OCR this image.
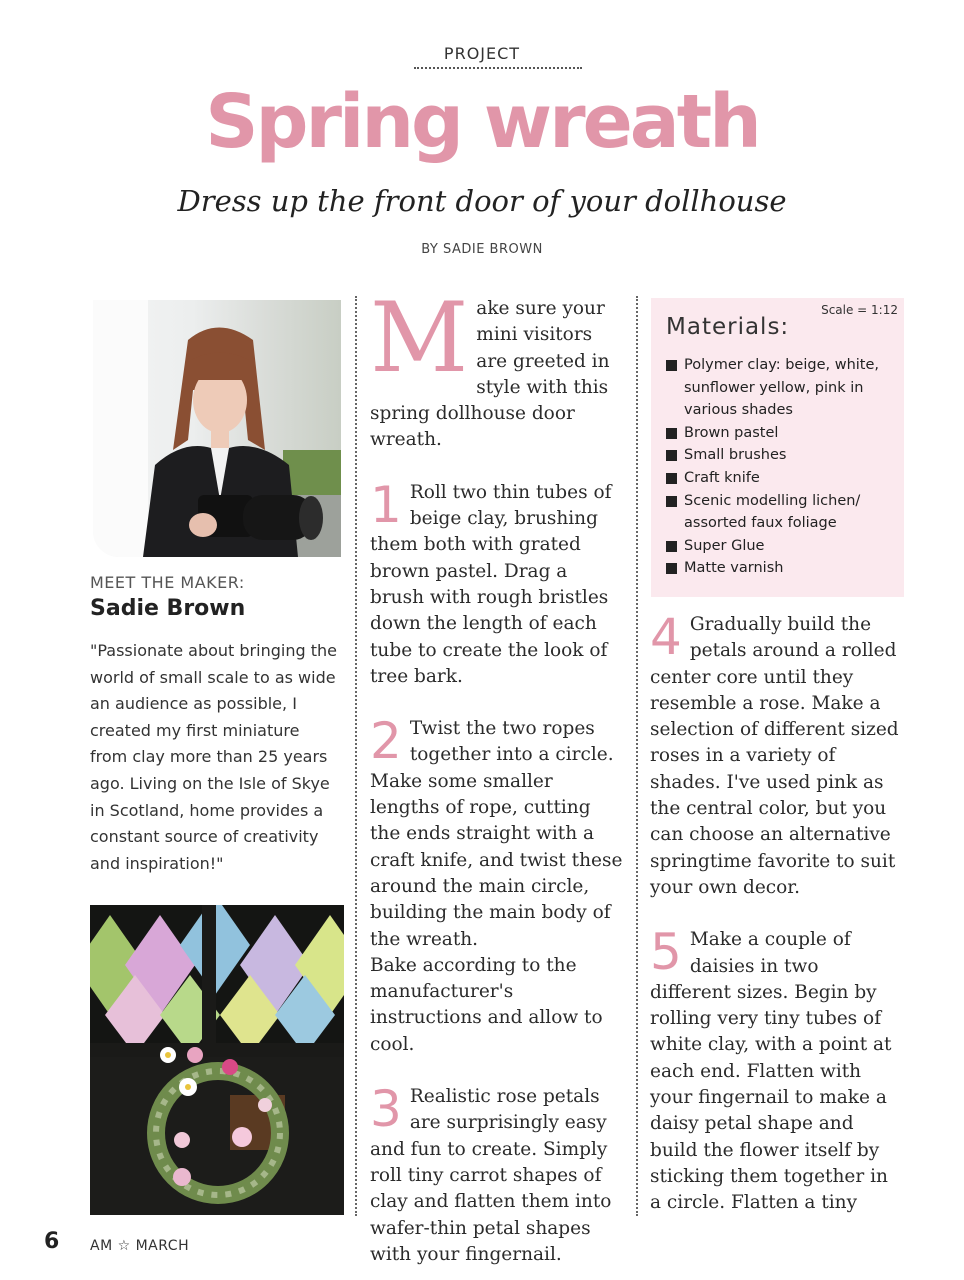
PROJECT
Spring wreath
Dress up the front door of your dollhouse
BY SADIE BROWN
MEET THE MAKER:
Sadie Brown
"Passionate about bringing the world of small scale to as wide an audience as possible, I created my first miniature from clay more than 25 years ago. Living on the Isle of Skye in Scotland, home provides a constant source of creativity and inspiration!"

Make sure your mini visitors are greeted in style with this spring dollhouse door wreath.

1 Roll two thin tubes of beige clay, brushing them both with grated brown pastel. Drag a brush with rough bristles down the length of each tube to create the look of tree bark.

2 Twist the two ropes together into a circle. Make some smaller lengths of rope, cutting the ends straight with a craft knife, and twist these around the main circle, building the main body of the wreath.

Bake according to the manufacturer's instructions and allow to cool.

3 Realistic rose petals are surprisingly easy and fun to create. Simply roll tiny carrot shapes of clay and flatten them into wafer-thin petal shapes with your fingernail.

Scale = 1:12
Materials:
Polymer clay: beige, white, sunflower yellow, pink in various shades
Brown pastel
Small brushes
Craft knife
Scenic modelling lichen/ assorted faux foliage
Super Glue
Matte varnish

4 Gradually build the petals around a rolled center core until they resemble a rose. Make a selection of different sized roses in a variety of shades. I've used pink as the central color, but you can choose an alternative springtime favorite to suit your own decor.

5 Make a couple of daisies in two different sizes. Begin by rolling very tiny tubes of white clay, with a point at each end. Flatten with your fingernail to make a daisy petal shape and build the flower itself by sticking them together in a circle. Flatten a tiny

6 AM ☆ MARCH
